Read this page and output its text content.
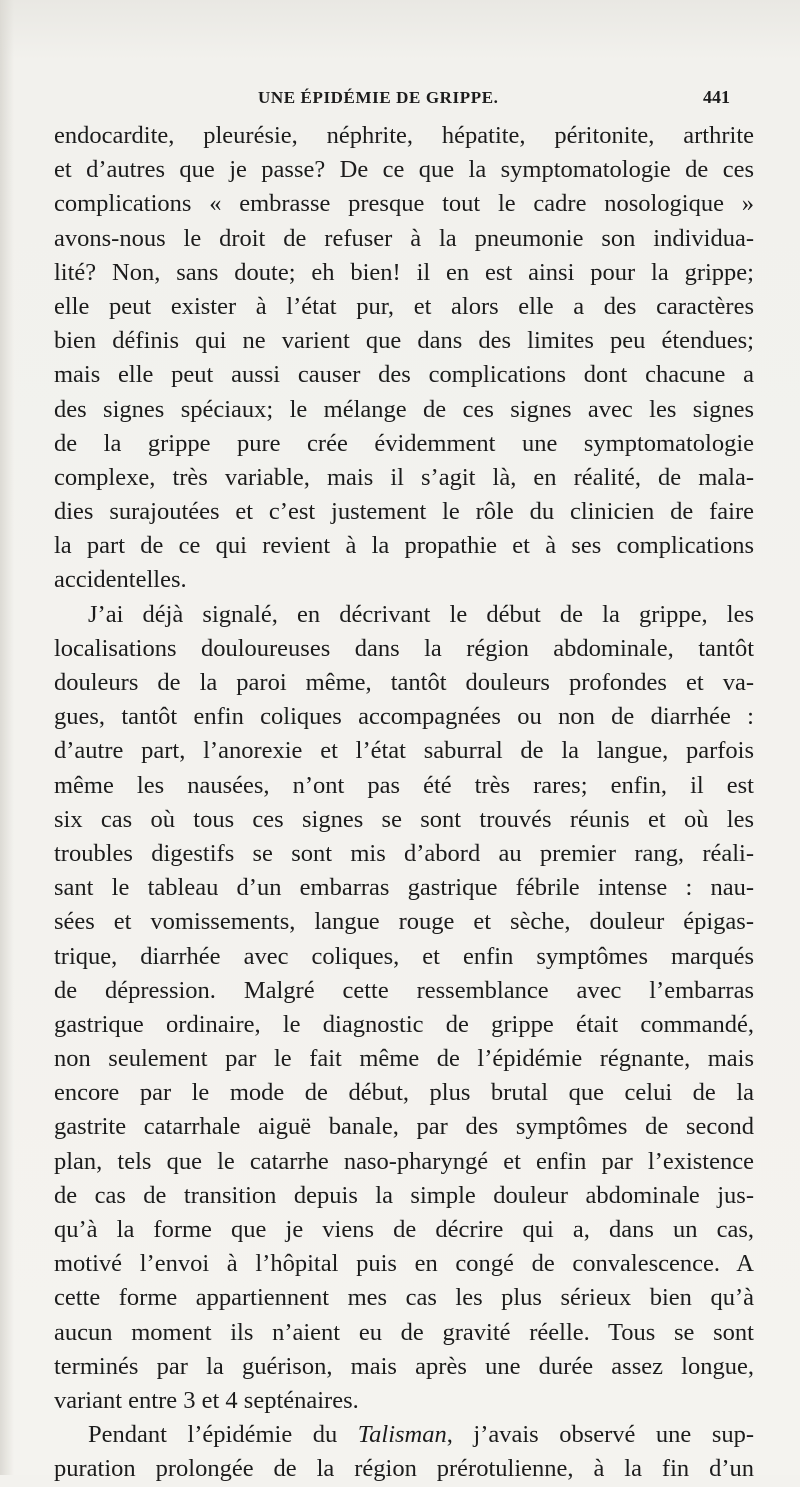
UNE ÉPIDÉMIE DE GRIPPE.	441
endocardite, pleurésie, néphrite, hépatite, péritonite, arthrite
et d’autres que je passe? De ce que la symptomatologie de ces
complications « embrasse presque tout le cadre nosologique »
avons-nous le droit de refuser à la pneumonie son individua-
lité? Non, sans doute; eh bien! il en est ainsi pour la grippe;
elle peut exister à l’état pur, et alors elle a des caractères
bien définis qui ne varient que dans des limites peu étendues;
mais elle peut aussi causer des complications dont chacune a
des signes spéciaux; le mélange de ces signes avec les signes
de la grippe pure crée évidemment une symptomatologie
complexe, très variable, mais il s’agit là, en réalité, de mala-
dies surajoutées et c’est justement le rôle du clinicien de faire
la part de ce qui revient à la propathie et à ses complications
accidentelles.
J’ai déjà signalé, en décrivant le début de la grippe, les
localisations douloureuses dans la région abdominale, tantôt
douleurs de la paroi même, tantôt douleurs profondes et va-
gues, tantôt enfin coliques accompagnées ou non de diarrhée :
d’autre part, l’anorexie et l’état saburral de la langue, parfois
même les nausées, n’ont pas été très rares; enfin, il est
six cas où tous ces signes se sont trouvés réunis et où les
troubles digestifs se sont mis d’abord au premier rang, réali-
sant le tableau d’un embarras gastrique fébrile intense : nau-
sées et vomissements, langue rouge et sèche, douleur épigas-
trique, diarrhée avec coliques, et enfin symptômes marqués
de dépression. Malgré cette ressemblance avec l’embarras
gastrique ordinaire, le diagnostic de grippe était commandé,
non seulement par le fait même de l’épidémie régnante, mais
encore par le mode de début, plus brutal que celui de la
gastrite catarrhale aiguë banale, par des symptômes de second
plan, tels que le catarrhe naso-pharyngé et enfin par l’existence
de cas de transition depuis la simple douleur abdominale jus-
qu’à la forme que je viens de décrire qui a, dans un cas,
motivé l’envoi à l’hôpital puis en congé de convalescence. A
cette forme appartiennent mes cas les plus sérieux bien qu’à
aucun moment ils n’aient eu de gravité réelle. Tous se sont
terminés par la guérison, mais après une durée assez longue,
variant entre 3 et 4 septénaires.
Pendant l’épidémie du Talisman, j’avais observé une sup-
puration prolongée de la région prérotulienne, à la fin d’un
